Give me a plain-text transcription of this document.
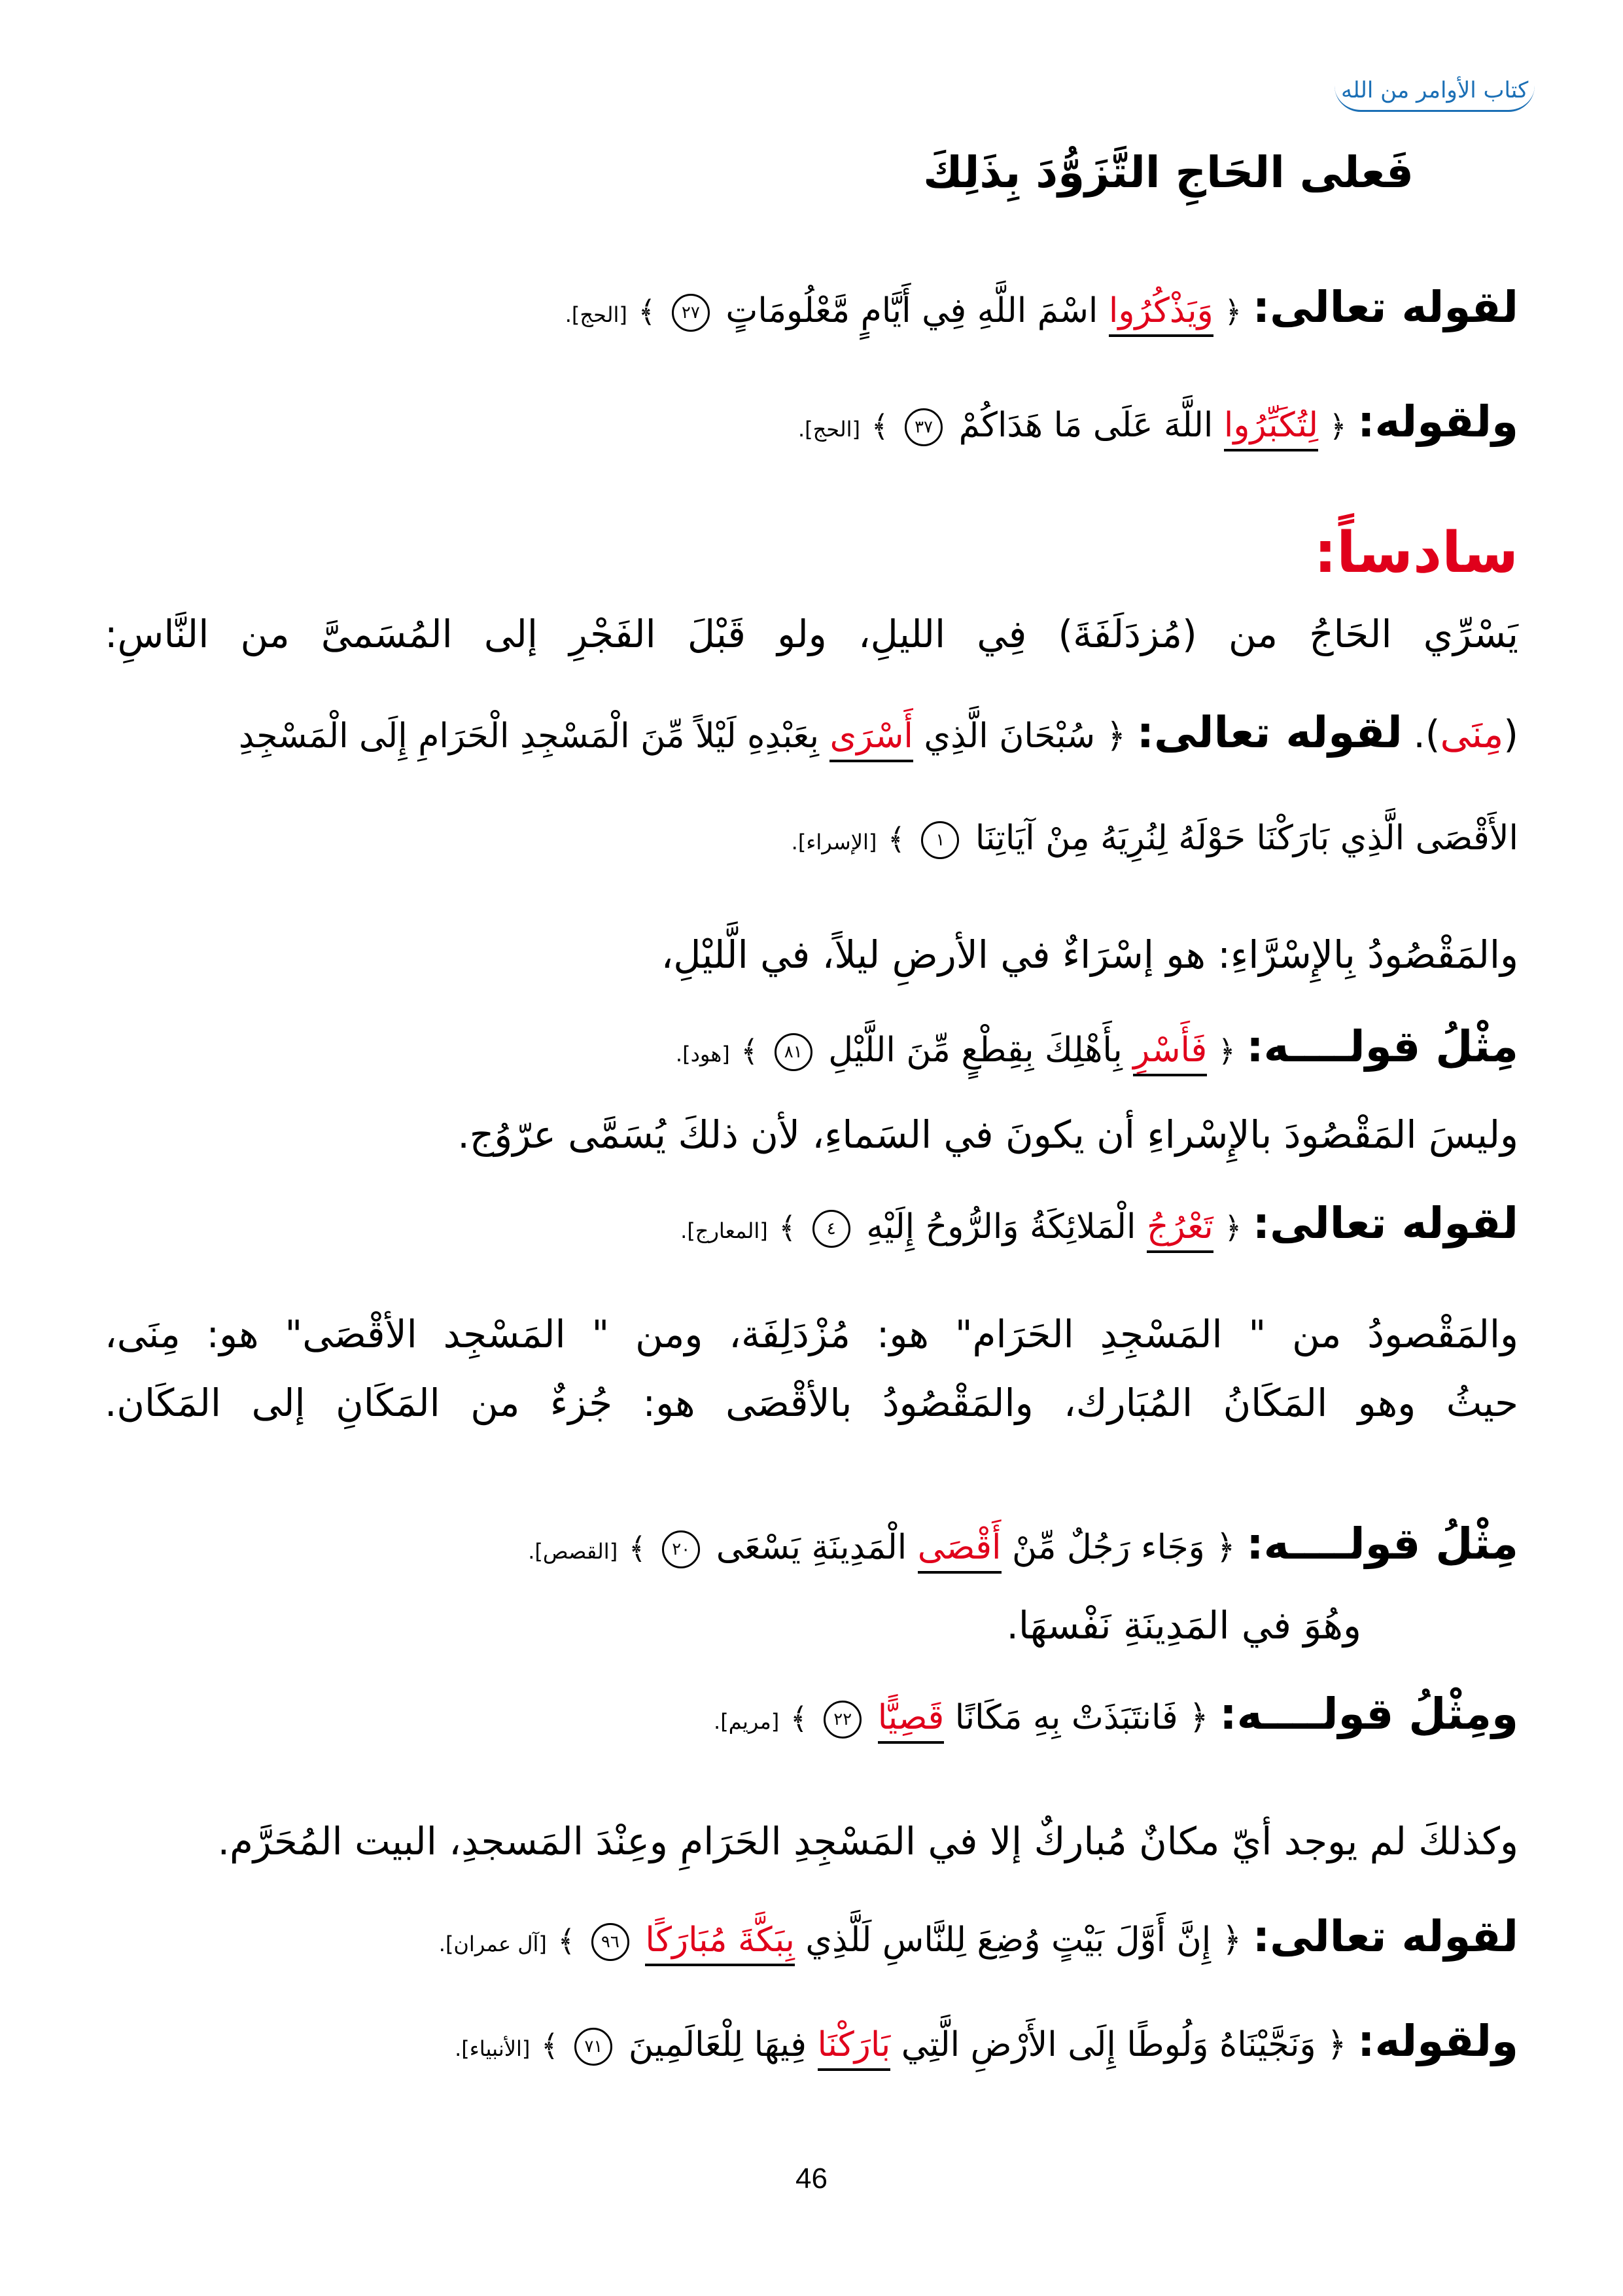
كتاب الأوامر من الله
فَعلى الحَاجِ التَّزَوُّدَ بِذَلِكَ
لقوله تعالى: ﴿ وَيَذْكُرُوا اسْمَ اللَّهِ فِي أَيَّامٍ مَّعْلُومَاتٍ ٢٧ ﴾ [الحج].
ولقوله: ﴿ لِتُكَبِّرُوا اللَّهَ عَلَى مَا هَدَاكُمْ ٣٧ ﴾ [الحج].
سادساً:
يَسْرِّي الحَاجُ من (مُزدَلَفَةَ) فِي الليلِ، ولو قَبْلَ الفَجْرِ إلى المُسَمىَّ من النَّاسِ:
(مِنَى). لقوله تعالى: ﴿ سُبْحَانَ الَّذِي أَسْرَى بِعَبْدِهِ لَيْلاً مِّنَ الْمَسْجِدِ الْحَرَامِ إِلَى الْمَسْجِدِ
الأَقْصَى الَّذِي بَارَكْنَا حَوْلَهُ لِنُرِيَهُ مِنْ آيَاتِنَا ١ ﴾ [الإسراء].
والمَقْصُودُ بِالإِسْرَّاءِ: هو إسْرَاءٌ في الأرضِ ليلاً، في الَّليْلِ،
مِثْلُ قولــــه: ﴿ فَأَسْرِ بِأَهْلِكَ بِقِطْعٍ مِّنَ اللَّيْلِ ٨١ ﴾ [هود].
وليسَ المَقْصُودَ بالإِسْراءِ أن يكونَ في السَماءِ، لأن ذلكَ يُسَمَّى عرّوُج.
لقوله تعالى: ﴿ تَعْرُجُ الْمَلائِكَةُ وَالرُّوحُ إِلَيْهِ ٤ ﴾ [المعارج].
والمَقْصودُ من " المَسْجِدِ الحَرَام" هو: مُزْدَلِفَة، ومن " المَسْجِد الأقْصَى" هو: مِنَى،
حيثُ وهو المَكَانُ المُبَارك، والمَقْصُودُ بالأقْصَى هو: جُزءٌ من المَكَانِ إلى المَكَان.
مِثْلُ قولــــه: ﴿ وَجَاء رَجُلٌ مِّنْ أَقْصَى الْمَدِينَةِ يَسْعَى ٢٠ ﴾ [القصص].
وهُوَ في المَدِينَةِ نَفْسهَا.
ومِثْلُ قولــــه: ﴿ فَانتَبَذَتْ بِهِ مَكَانًا قَصِيًّا ٢٢ ﴾ [مريم].
وكذلكَ لم يوجد أيّ مكانٌ مُباركٌ إلا في المَسْجِدِ الحَرَامِ وعِنْدَ المَسجدِ، البيت المُحَرَّم.
لقوله تعالى: ﴿ إِنَّ أَوَّلَ بَيْتٍ وُضِعَ لِلنَّاسِ لَلَّذِي بِبَكَّةَ مُبَارَكًا ٩٦ ﴾ [آل عمران].
ولقوله: ﴿ وَنَجَّيْنَاهُ وَلُوطًا إِلَى الأَرْضِ الَّتِي بَارَكْنَا فِيهَا لِلْعَالَمِينَ ٧١ ﴾ [الأنبياء].
46
